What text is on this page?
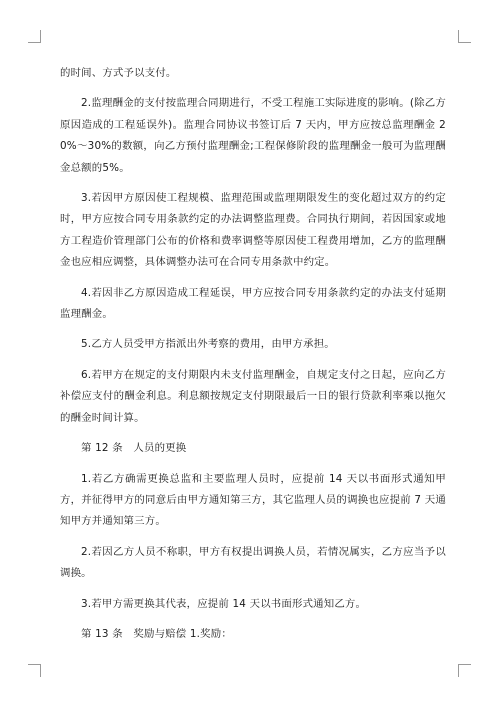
的时间、方式予以支付。

2.监理酬金的支付按监理合同期进行，不受工程施工实际进度的影响。(除乙方原因造成的工程延误外)。监理合同协议书签订后 7 天内，甲方应按总监理酬金 20%～30%的数额，向乙方预付监理酬金;工程保修阶段的监理酬金一般可为监理酬金总额的5%。

3.若因甲方原因使工程规模、监理范围或监理期限发生的变化超过双方的约定时，甲方应按合同专用条款约定的办法调整监理费。合同执行期间，若因国家或地方工程造价管理部门公布的价格和费率调整等原因使工程费用增加，乙方的监理酬金也应相应调整，具体调整办法可在合同专用条款中约定。

4.若因非乙方原因造成工程延误，甲方应按合同专用条款约定的办法支付延期监理酬金。

5.乙方人员受甲方指派出外考察的费用，由甲方承担。

6.若甲方在规定的支付期限内未支付监理酬金，自规定支付之日起，应向乙方补偿应支付的酬金利息。利息额按规定支付期限最后一日的银行贷款利率乘以拖欠的酬金时间计算。

第 12 条　人员的更换

1.若乙方确需更换总监和主要监理人员时，应提前 14 天以书面形式通知甲方，并征得甲方的同意后由甲方通知第三方，其它监理人员的调换也应提前 7 天通知甲方并通知第三方。

2.若因乙方人员不称职，甲方有权提出调换人员，若情况属实，乙方应当予以调换。

3.若甲方需更换其代表，应提前 14 天以书面形式通知乙方。

第 13 条　奖励与赔偿 1.奖励：
